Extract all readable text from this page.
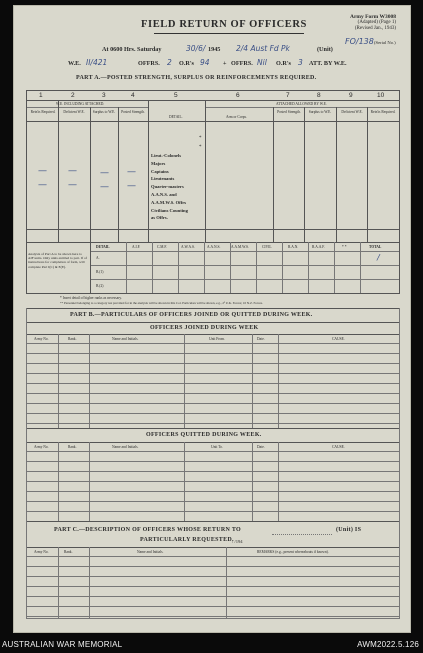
FIELD RETURN OF OFFICERS
Army Form W3008
(Adapted) (Page 1)
(Revised Jan., 1943)
FO/138 (Serial No.)
At 0600 Hrs. Saturday	30/6/ 1945 2/4 Aust Fd Pk	(Unit)
W.E. II/421	OFFRS. 2 O.R's 94 + OFFRS. Nil O.R's 3 ATT. BY W.E.
PART A.—POSTED STRENGTH, SURPLUS OR REINFORCEMENTS REQUIRED.
1	2	3	4	5	6	7	8	9	10
W.E. INCLUDING ATTACHED.	ATTACHED ALLOWED BY W.E.
Rein'ts Required.	Deficient W.E.	Surplus to W.E.	Posted Strength.
DETAIL.	Arm or Corps.
Posted Strength.	Surplus to W.E.	Deficient W.E.	Rein'ts Required.
Lieut.-Colonels
Majors
Captains
Lieutenants
Quarter-masters
A.A.N.S. and
A.A.M.W.S. Offrs
Civilians Counting
as Offrs.
*
*
— —	— —
— —	— —
Analysis of Part A to be shown here to AIF units. Only units entitled to part. If of instructions for completion of form, will complete Part I(C) & E(E).
DETAIL	A.I.F.	C.M.F.	A.W.A.S.	A.A.N.S.	A.A.M.W.S.	CIVIL	R.A.N.	R.A.A.F.	* *	TOTAL
A.
B.(1)
B.(2)
/
* Insert detail of higher ranks as necessary.
** Personnel belonging to a category not provided for in the analysis will be shown in this Col. Particulars will be shown, e.g., 2³ U.K. Forces; 10 N.Z. Forces.
PART B.—PARTICULARS OF OFFICERS JOINED OR QUITTED DURING WEEK.
OFFICERS JOINED DURING WEEK
Army No.	Rank.	Name and Initials.	Unit From.	Date.	CAUSE.
OFFICERS QUITTED DURING WEEK.
Army No.	Rank.	Name and Initials.	Unit To.	Date.	CAUSE.
PART C.—DESCRIPTION OF OFFICERS WHOSE RETURN TO	(Unit) IS
PARTICULARLY REQUESTED.
/ /194
Army No.	Rank.	Name and Initials.	REMARKS (e.g., present whereabouts if known).
AUSTRALIAN WAR MEMORIAL	AWM2022.5.126
